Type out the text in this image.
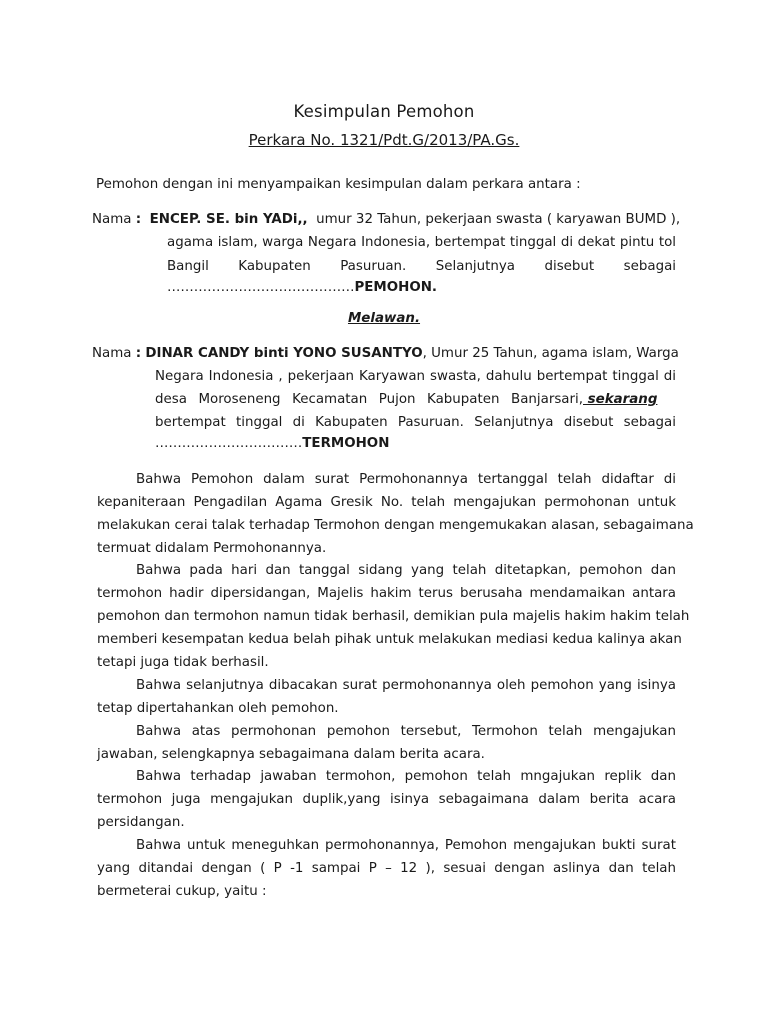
Kesimpulan Pemohon
Perkara No. 1321/Pdt.G/2013/PA.Gs.
Pemohon dengan ini menyampaikan kesimpulan dalam perkara antara :
Nama : ENCEP. SE. bin YADi,, umur 32 Tahun, pekerjaan swasta ( karyawan BUMD ),
agama islam, warga Negara Indonesia, bertempat tinggal di dekat pintu tol
Bangil Kabupaten Pasuruan. Selanjutnya disebut sebagai
……………………………………PEMOHON.
Melawan.
Nama : DINAR CANDY binti YONO SUSANTYO, Umur 25 Tahun, agama islam, Warga
Negara Indonesia , pekerjaan Karyawan swasta, dahulu bertempat tinggal di
desa Moroseneng Kecamatan Pujon Kabupaten Banjarsari, sekarang
bertempat tinggal di Kabupaten Pasuruan. Selanjutnya disebut sebagai
……………………………TERMOHON
Bahwa Pemohon dalam surat Permohonannya tertanggal telah didaftar di
kepaniteraan Pengadilan Agama Gresik No. telah mengajukan permohonan untuk
melakukan cerai talak terhadap Termohon dengan mengemukakan alasan, sebagaimana
termuat didalam Permohonannya.
Bahwa pada hari dan tanggal sidang yang telah ditetapkan, pemohon dan
termohon hadir dipersidangan, Majelis hakim terus berusaha mendamaikan antara
pemohon dan termohon namun tidak berhasil, demikian pula majelis hakim hakim telah
memberi kesempatan kedua belah pihak untuk melakukan mediasi kedua kalinya akan
tetapi juga tidak berhasil.
Bahwa selanjutnya dibacakan surat permohonannya oleh pemohon yang isinya
tetap dipertahankan oleh pemohon.
Bahwa atas permohonan pemohon tersebut, Termohon telah mengajukan
jawaban, selengkapnya sebagaimana dalam berita acara.
Bahwa terhadap jawaban termohon, pemohon telah mngajukan replik dan
termohon juga mengajukan duplik,yang isinya sebagaimana dalam berita acara
persidangan.
Bahwa untuk meneguhkan permohonannya, Pemohon mengajukan bukti surat
yang ditandai dengan ( P -1 sampai P – 12 ), sesuai dengan aslinya dan telah
bermeterai cukup, yaitu :
